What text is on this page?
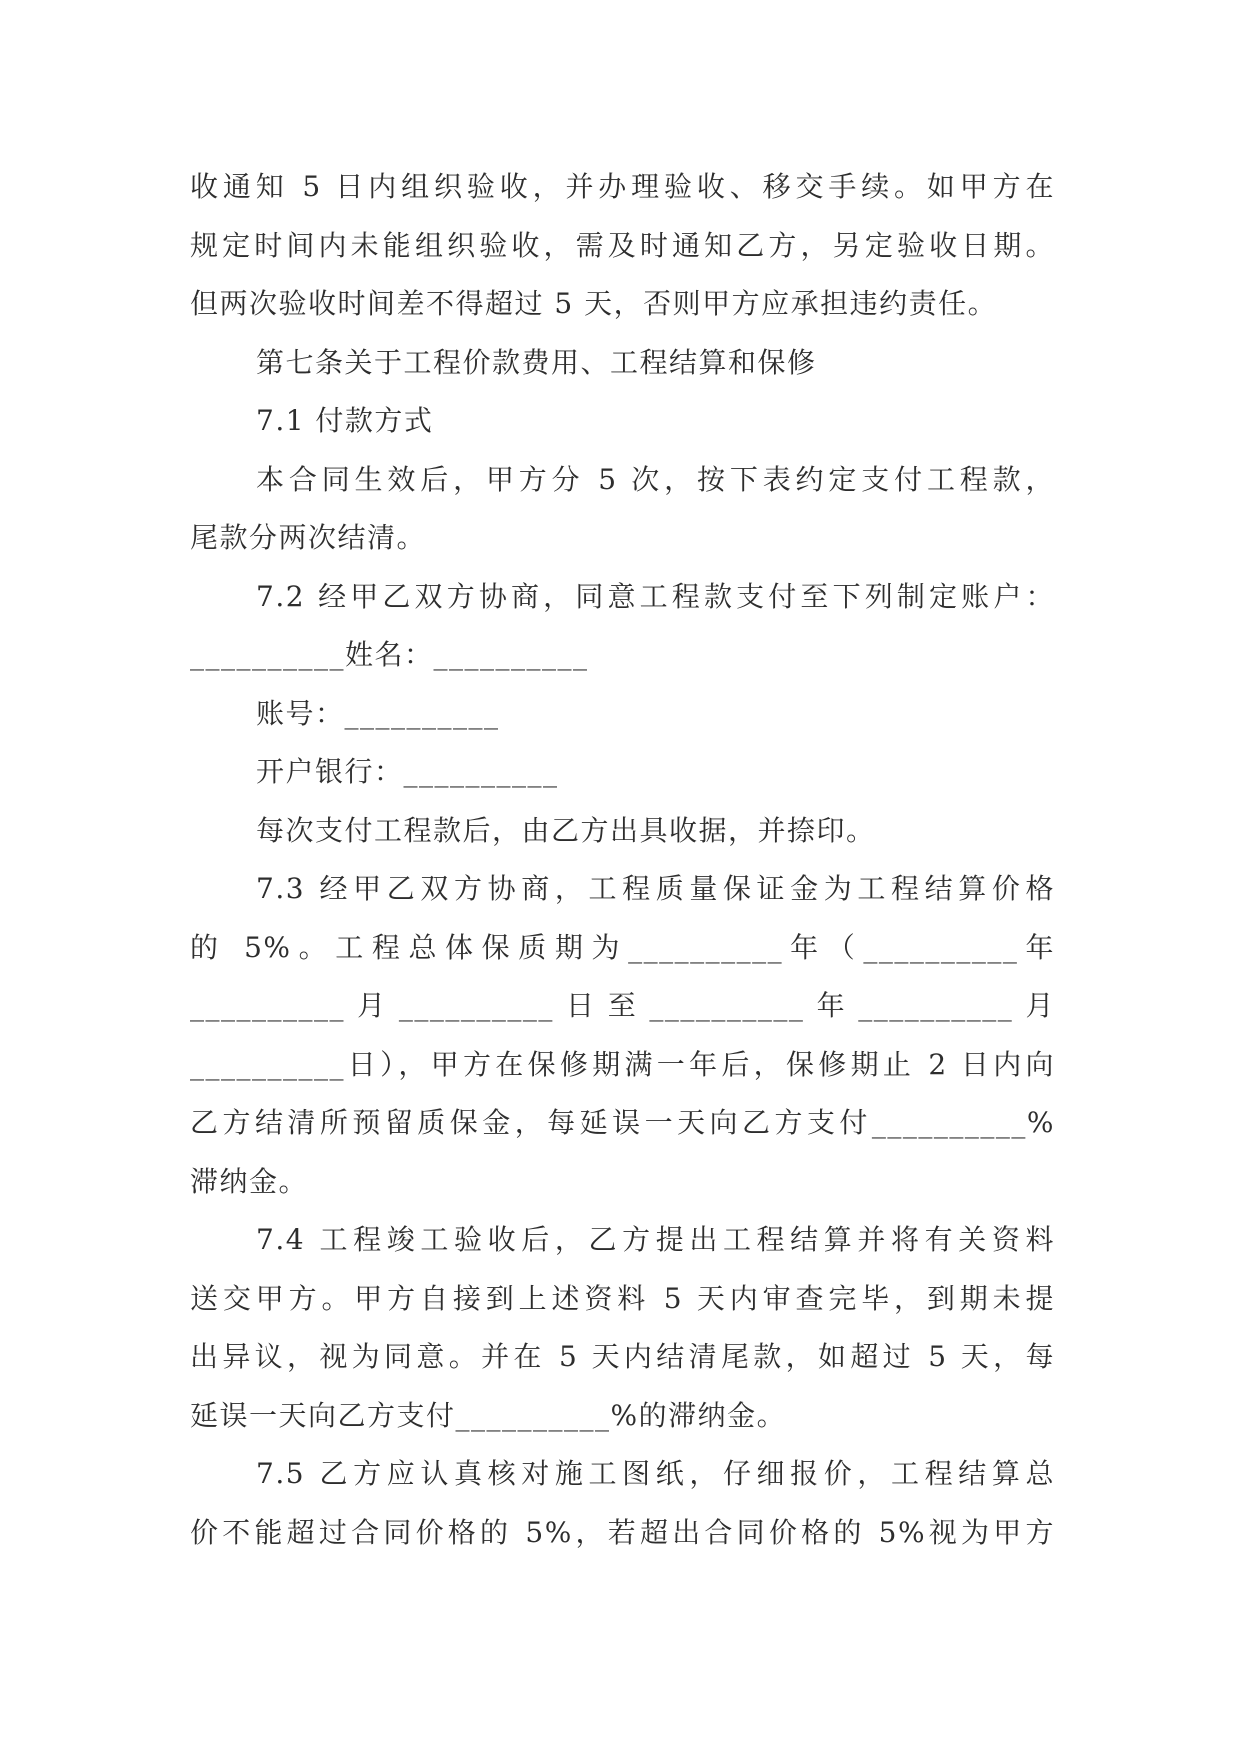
收通知 5 日内组织验收，并办理验收、移交手续。如甲方在
规定时间内未能组织验收，需及时通知乙方，另定验收日期。
但两次验收时间差不得超过 5 天，否则甲方应承担违约责任。
第七条关于工程价款费用、工程结算和保修
7.1 付款方式
本合同生效后，甲方分 5 次，按下表约定支付工程款，
尾款分两次结清。
7.2 经甲乙双方协商，同意工程款支付至下列制定账户：
__________姓名：__________
账号：__________
开户银行：__________
每次支付工程款后，由乙方出具收据，并捺印。
7.3 经甲乙双方协商，工程质量保证金为工程结算价格
的 5%。工程总体保质期为__________年（__________年
__________月__________日至__________年__________月
__________日），甲方在保修期满一年后，保修期止 2 日内向
乙方结清所预留质保金，每延误一天向乙方支付__________%
滞纳金。
7.4 工程竣工验收后，乙方提出工程结算并将有关资料
送交甲方。甲方自接到上述资料 5 天内审查完毕，到期未提
出异议，视为同意。并在 5 天内结清尾款，如超过 5 天，每
延误一天向乙方支付__________%的滞纳金。
7.5 乙方应认真核对施工图纸，仔细报价，工程结算总
价不能超过合同价格的 5%，若超出合同价格的 5%视为甲方
